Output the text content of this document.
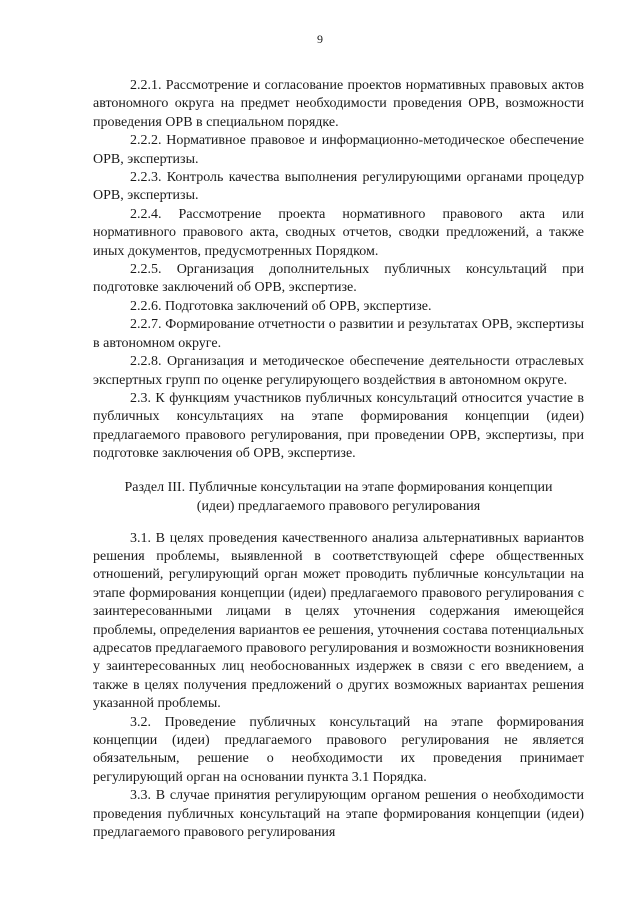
9

2.2.1. Рассмотрение и согласование проектов нормативных правовых актов автономного округа на предмет необходимости проведения ОРВ, возможности проведения ОРВ в специальном порядке.

2.2.2. Нормативное правовое и информационно-методическое обеспечение ОРВ, экспертизы.

2.2.3. Контроль качества выполнения регулирующими органами процедур ОРВ, экспертизы.

2.2.4. Рассмотрение проекта нормативного правового акта или нормативного правового акта, сводных отчетов, сводки предложений, а также иных документов, предусмотренных Порядком.

2.2.5. Организация дополнительных публичных консультаций при подготовке заключений об ОРВ, экспертизе.

2.2.6. Подготовка заключений об ОРВ, экспертизе.

2.2.7. Формирование отчетности о развитии и результатах ОРВ, экспертизы в автономном округе.

2.2.8. Организация и методическое обеспечение деятельности отраслевых экспертных групп по оценке регулирующего воздействия в автономном округе.

2.3. К функциям участников публичных консультаций относится участие в публичных консультациях на этапе формирования концепции (идеи) предлагаемого правового регулирования, при проведении ОРВ, экспертизы, при подготовке заключения об ОРВ, экспертизе.

Раздел III. Публичные консультации на этапе формирования концепции

(идеи) предлагаемого правового регулирования

3.1. В целях проведения качественного анализа альтернативных вариантов решения проблемы, выявленной в соответствующей сфере общественных отношений, регулирующий орган может проводить публичные консультации на этапе формирования концепции (идеи) предлагаемого правового регулирования с заинтересованными лицами в целях уточнения содержания имеющейся проблемы, определения вариантов ее решения, уточнения состава потенциальных адресатов предлагаемого правового регулирования и возможности возникновения у заинтересованных лиц необоснованных издержек в связи с его введением, а также в целях получения предложений о других возможных вариантах решения указанной проблемы.

3.2. Проведение публичных консультаций на этапе формирования концепции (идеи) предлагаемого правового регулирования не является обязательным, решение о необходимости их проведения принимает регулирующий орган на основании пункта 3.1 Порядка.

3.3. В случае принятия регулирующим органом решения о необходимости проведения публичных консультаций на этапе формирования концепции (идеи) предлагаемого правового регулирования
